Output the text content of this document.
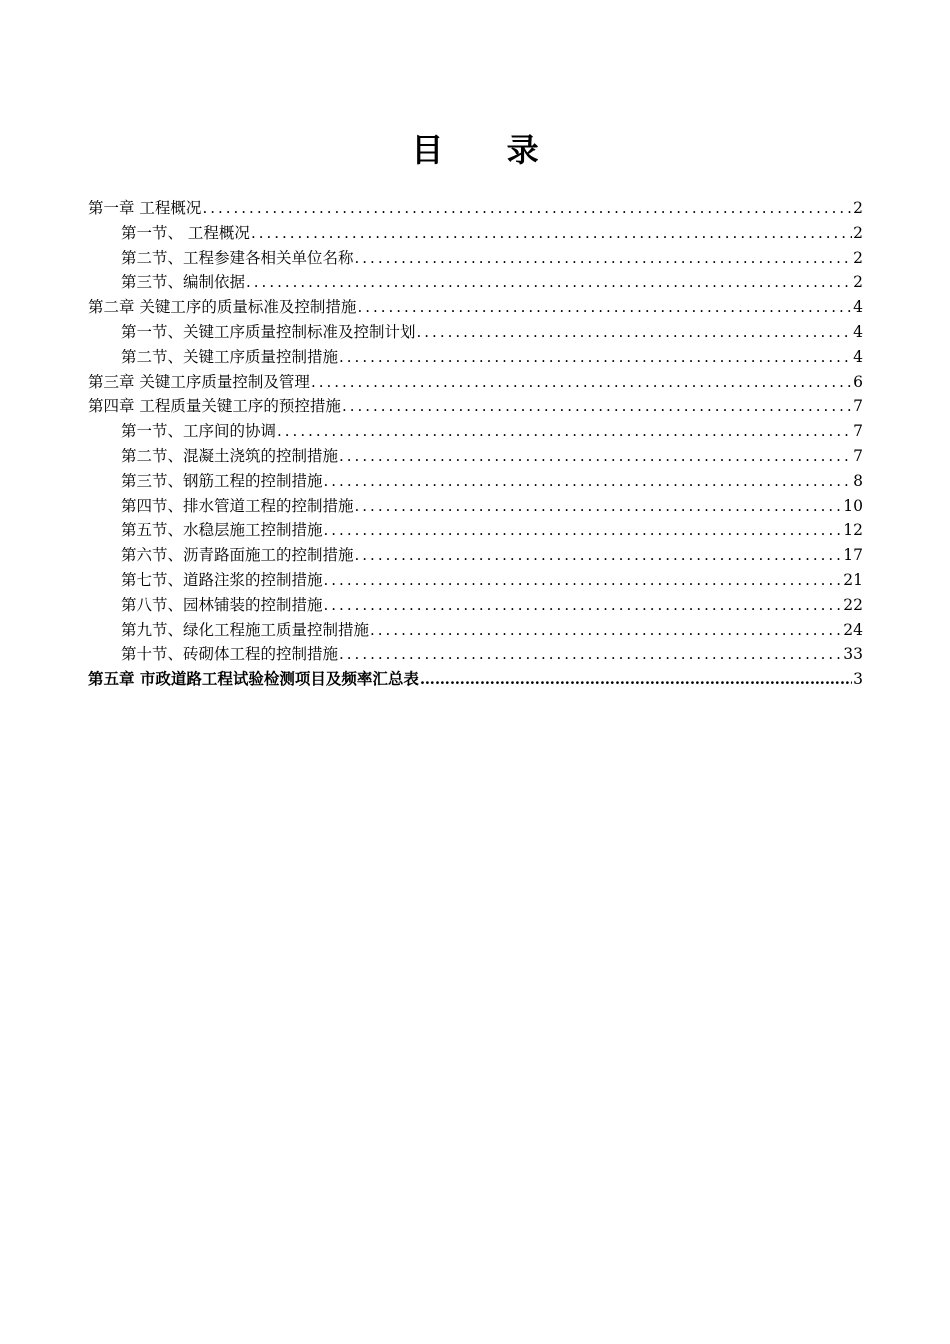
目 录
第一章 工程概况 .....	2
第一节、 工程概况 .....	2
第二节、工程参建各相关单位名称 .....	2
第三节、编制依据 .....	2
第二章 关键工序的质量标准及控制措施 .....	4
第一节、关键工序质量控制标准及控制计划 .....	4
第二节、关键工序质量控制措施 .....	4
第三章 关键工序质量控制及管理 .....	6
第四章 工程质量关键工序的预控措施 .....	7
第一节、工序间的协调 .....	7
第二节、混凝土浇筑的控制措施 .....	7
第三节、钢筋工程的控制措施 .....	8
第四节、排水管道工程的控制措施 .....	10
第五节、水稳层施工控制措施 .....	12
第六节、沥青路面施工的控制措施 .....	17
第七节、道路注浆的控制措施 .....	21
第八节、园林铺装的控制措施 .....	22
第九节、绿化工程施工质量控制措施 .....	24
第十节、砖砌体工程的控制措施 .....	33
第五章 市政道路工程试验检测项目及频率汇总表 ………………………………………………………………………………………………………………	3
